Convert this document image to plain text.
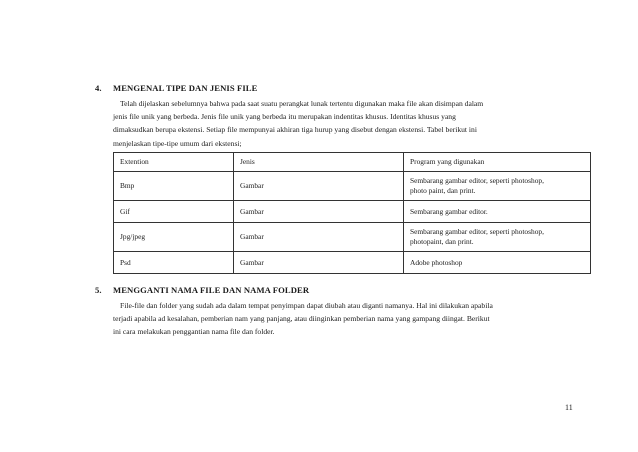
4. MENGENAL TIPE DAN JENIS FILE
Telah dijelaskan sebelumnya bahwa pada saat suatu perangkat lunak tertentu digunakan maka file akan disimpan dalam
jenis file unik yang berbeda. Jenis file unik yang berbeda itu merupakan indentitas khusus. Identitas khusus yang
dimaksudkan berupa ekstensi. Setiap file mempunyai akhiran tiga hurup yang disebut dengan ekstensi. Tabel berikut ini
menjelaskan tipe-tipe umum dari ekstensi;
Extention	Jenis	Program yang digunakan
Bmp	Gambar	Sembarang gambar editor, seperti photoshop,
photo paint, dan print.
Gif	Gambar	Sembarang gambar editor.
Jpg/jpeg	Gambar	Sembarang gambar editor, seperti photoshop,
photopaint, dan print.
Psd	Gambar	Adobe photoshop
5. MENGGANTI NAMA FILE DAN NAMA FOLDER
File-file dan folder yang sudah ada dalam tempat penyimpan dapat diubah atau diganti namanya. Hal ini dilakukan apabila
terjadi apabila ad kesalahan, pemberian nam yang panjang, atau diinginkan pemberian nama yang gampang diingat. Berikut
ini cara melakukan penggantian nama file dan folder.
11
